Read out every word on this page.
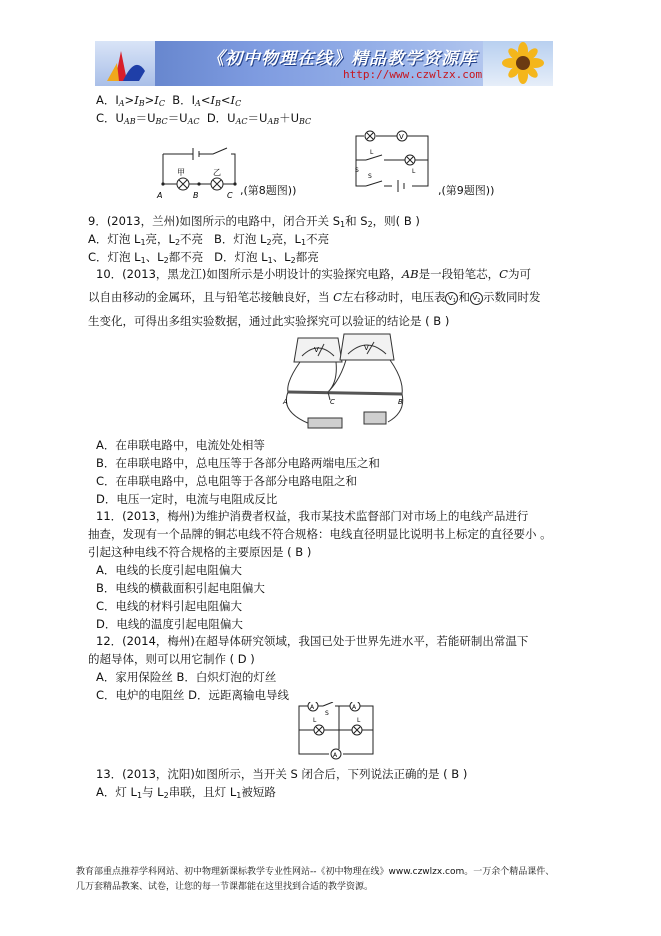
《初中物理在线》精品教学资源库
http://www.czwlzx.com
A．$I_A>I_B>I_C$ B．$I_A<I_B<I_C$
C．$U_{AB}=U_{BC}=U_{AC}$ D．$U_{AC}=U_{AB}+U_{BC}$
甲	乙
A	B	C ,(第8题图))
V
L
S
S	L
,(第9题图))
9．(2013，兰州)如图所示的电路中，闭合开关 $S_1$和 $S_2$，则( B )
A．灯泡 $L_1$亮，$L_2$不亮 B．灯泡 $L_2$亮，$L_1$不亮
C．灯泡 $L_1$、$L_2$都不亮 D．灯泡 $L_1$、$L_2$都亮
10．(2013，黑龙江)如图所示是小明设计的实验探究电路，AB是一段铅笔芯，C为可
以自由移动的金属环，且与铅笔芯接触良好，当 C左右移动时，电压表 $V_1$ 和 $V_2$ 示数同时发
生变化，可得出多组实验数据，通过此实验探究可以验证的结论是 ( B )
V	V
A	C	B
A．在串联电路中，电流处处相等
B．在串联电路中，总电压等于各部分电路两端电压之和
C．在串联电路中，总电阻等于各部分电路电阻之和
D．电压一定时，电流与电阻成反比
11．(2013，梅州)为维护消费者权益，我市某技术监督部门对市场上的电线产品进行
抽查，发现有一个品牌的铜芯电线不符合规格：电线直径明显比说明书上标定的直径要小 。
引起这种电线不符合规格的主要原因是 ( B )
A．电线的长度引起电阻偏大
B．电线的横截面积引起电阻偏大
C．电线的材料引起电阻偏大
D．电线的温度引起电阻偏大
12．(2014，梅州)在超导体研究领域，我国已处于世界先进水平，若能研制出常温下
的超导体，则可以用它制作 ( D )
A．家用保险丝 B．白炽灯泡的灯丝
C．电炉的电阻丝 D．远距离输电导线
A
S
A
L	L
A
13．(2013，沈阳)如图所示，当开关 S 闭合后，下列说法正确的是 ( B )
A．灯 $L_1$与 $L_2$串联，且灯 $L_1$被短路
教育部重点推荐学科网站、初中物理新课标教学专业性网站--《初中物理在线》www.czwlzx.com。一万余个精品课件、
几万套精品教案、试卷，让您的每一节课都能在这里找到合适的教学资源。
